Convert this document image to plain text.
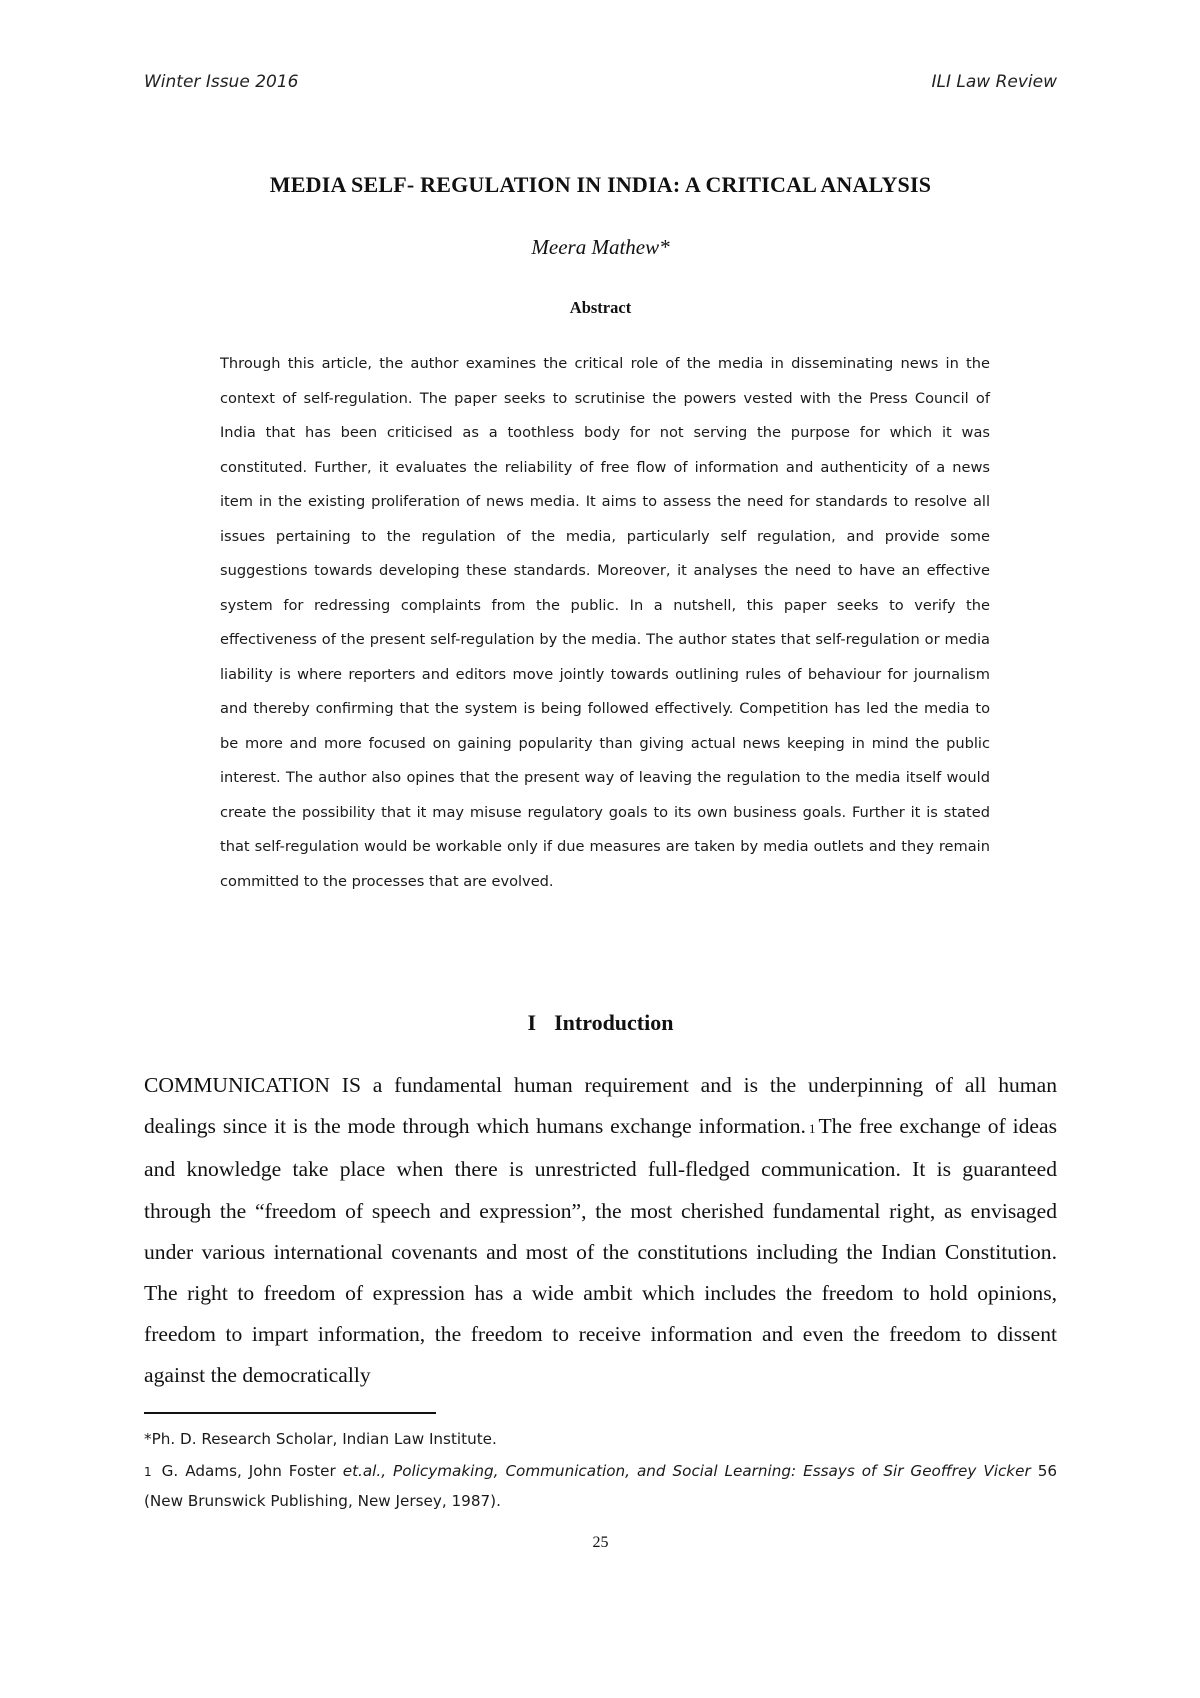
Winter Issue 2016	ILI Law Review
MEDIA SELF- REGULATION IN INDIA: A CRITICAL ANALYSIS
Meera Mathew*
Abstract
Through this article, the author examines the critical role of the media in disseminating news in the context of self-regulation. The paper seeks to scrutinise the powers vested with the Press Council of India that has been criticised as a toothless body for not serving the purpose for which it was constituted. Further, it evaluates the reliability of free flow of information and authenticity of a news item in the existing proliferation of news media. It aims to assess the need for standards to resolve all issues pertaining to the regulation of the media, particularly self regulation, and provide some suggestions towards developing these standards. Moreover, it analyses the need to have an effective system for redressing complaints from the public. In a nutshell, this paper seeks to verify the effectiveness of the present self-regulation by the media. The author states that self-regulation or media liability is where reporters and editors move jointly towards outlining rules of behaviour for journalism and thereby confirming that the system is being followed effectively. Competition has led the media to be more and more focused on gaining popularity than giving actual news keeping in mind the public interest. The author also opines that the present way of leaving the regulation to the media itself would create the possibility that it may misuse regulatory goals to its own business goals. Further it is stated that self-regulation would be workable only if due measures are taken by media outlets and they remain committed to the processes that are evolved.
I Introduction
COMMUNICATION IS a fundamental human requirement and is the underpinning of all human dealings since it is the mode through which humans exchange information. 1 The free exchange of ideas and knowledge take place when there is unrestricted full-fledged communication. It is guaranteed through the “freedom of speech and expression”, the most cherished fundamental right, as envisaged under various international covenants and most of the constitutions including the Indian Constitution. The right to freedom of expression has a wide ambit which includes the freedom to hold opinions, freedom to impart information, the freedom to receive information and even the freedom to dissent against the democratically

*Ph. D. Research Scholar, Indian Law Institute.

1 G. Adams, John Foster et.al., Policymaking, Communication, and Social Learning: Essays of Sir Geoffrey Vicker 56 (New Brunswick Publishing, New Jersey, 1987).

25
